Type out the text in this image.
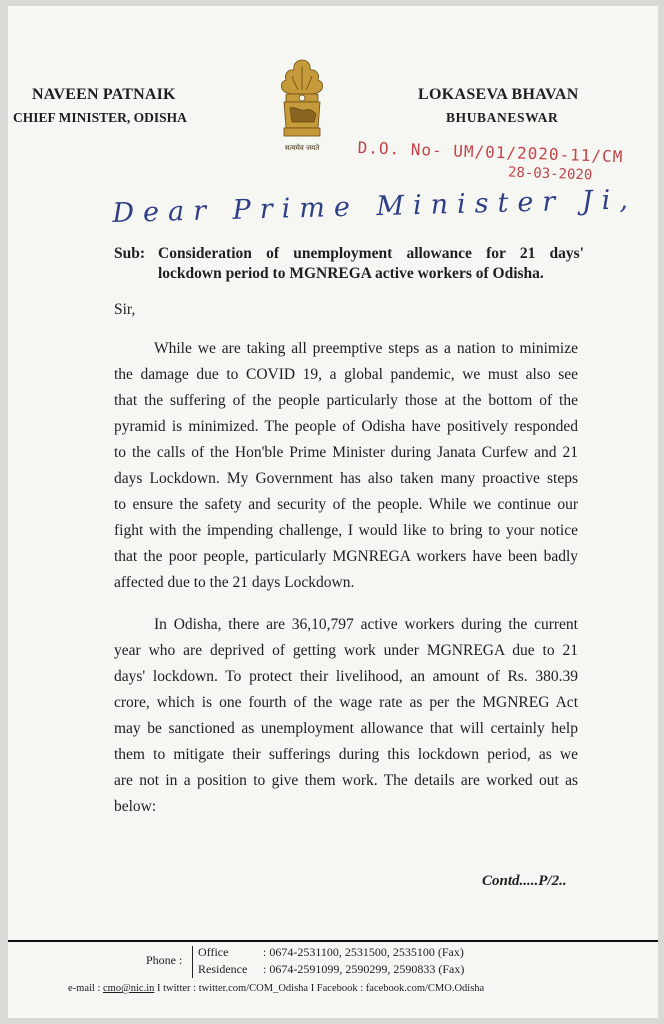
NAVEEN PATNAIK
CHIEF MINISTER, ODISHA
सत्यमेव जयते
LOKASEVA BHAVAN
BHUBANESWAR
D.O. No- UM/01/2020-11/CM
28-03-2020
Dear Prime Minister Ji,
Sub: Consideration of unemployment allowance for 21 days'
lockdown period to MGNREGA active workers of Odisha.
Sir,
While we are taking all preemptive steps as a nation to minimize
the damage due to COVID 19, a global pandemic, we must also see
that the suffering of the people particularly those at the bottom of the
pyramid is minimized. The people of Odisha have positively responded
to the calls of the Hon'ble Prime Minister during Janata Curfew and 21
days Lockdown. My Government has also taken many proactive steps
to ensure the safety and security of the people. While we continue our
fight with the impending challenge, I would like to bring to your notice
that the poor people, particularly MGNREGA workers have been badly
affected due to the 21 days Lockdown.
In Odisha, there are 36,10,797 active workers during the current
year who are deprived of getting work under MGNREGA due to 21
days' lockdown. To protect their livelihood, an amount of Rs. 380.39
crore, which is one fourth of the wage rate as per the MGNREG Act
may be sanctioned as unemployment allowance that will certainly help
them to mitigate their sufferings during this lockdown period, as we
are not in a position to give them work. The details are worked out as
below:
Contd.....P/2..
Phone :
Office	: 0674-2531100, 2531500, 2535100 (Fax)
Residence : 0674-2591099, 2590299, 2590833 (Fax)
e-mail : cmo@nic.in I twitter : twitter.com/COM_Odisha I Facebook : facebook.com/CMO.Odisha
